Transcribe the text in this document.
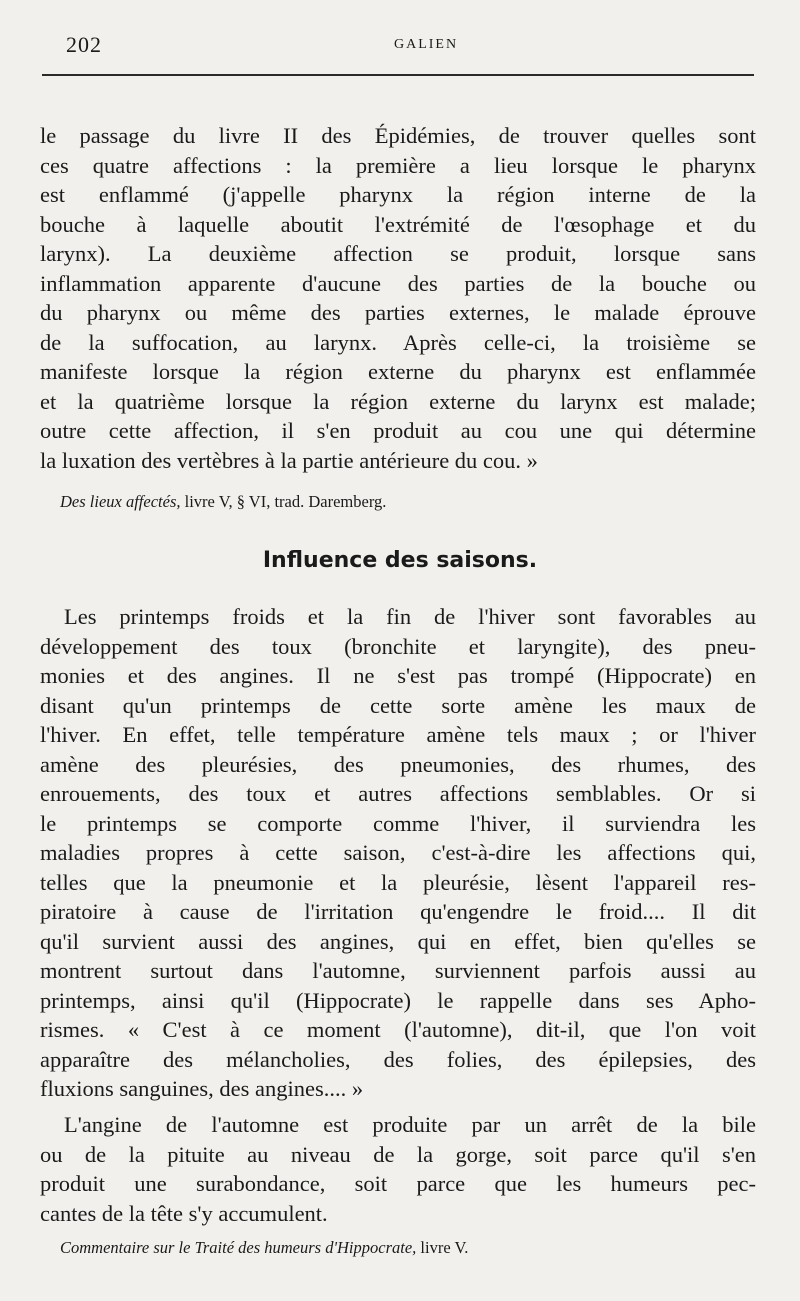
202	GALIEN
le passage du livre II des Épidémies, de trouver quelles sont
ces quatre affections : la première a lieu lorsque le pharynx
est enflammé (j'appelle pharynx la région interne de la
bouche à laquelle aboutit l'extrémité de l'œsophage et du
larynx). La deuxième affection se produit, lorsque sans
inflammation apparente d'aucune des parties de la bouche ou
du pharynx ou même des parties externes, le malade éprouve
de la suffocation, au larynx. Après celle-ci, la troisième se
manifeste lorsque la région externe du pharynx est enflammée
et la quatrième lorsque la région externe du larynx est malade;
outre cette affection, il s'en produit au cou une qui détermine
la luxation des vertèbres à la partie antérieure du cou. »
Des lieux affectés, livre V, § VI, trad. Daremberg.
Influence des saisons.
Les printemps froids et la fin de l'hiver sont favorables au
développement des toux (bronchite et laryngite), des pneu-
monies et des angines. Il ne s'est pas trompé (Hippocrate) en
disant qu'un printemps de cette sorte amène les maux de
l'hiver. En effet, telle température amène tels maux ; or l'hiver
amène des pleurésies, des pneumonies, des rhumes, des
enrouements, des toux et autres affections semblables. Or si
le printemps se comporte comme l'hiver, il surviendra les
maladies propres à cette saison, c'est-à-dire les affections qui,
telles que la pneumonie et la pleurésie, lèsent l'appareil res-
piratoire à cause de l'irritation qu'engendre le froid.... Il dit
qu'il survient aussi des angines, qui en effet, bien qu'elles se
montrent surtout dans l'automne, surviennent parfois aussi au
printemps, ainsi qu'il (Hippocrate) le rappelle dans ses Apho-
rismes. « C'est à ce moment (l'automne), dit-il, que l'on voit
apparaître des mélancholies, des folies, des épilepsies, des
fluxions sanguines, des angines.... »
L'angine de l'automne est produite par un arrêt de la bile
ou de la pituite au niveau de la gorge, soit parce qu'il s'en
produit une surabondance, soit parce que les humeurs pec-
cantes de la tête s'y accumulent.
Commentaire sur le Traité des humeurs d'Hippocrate, livre V.
